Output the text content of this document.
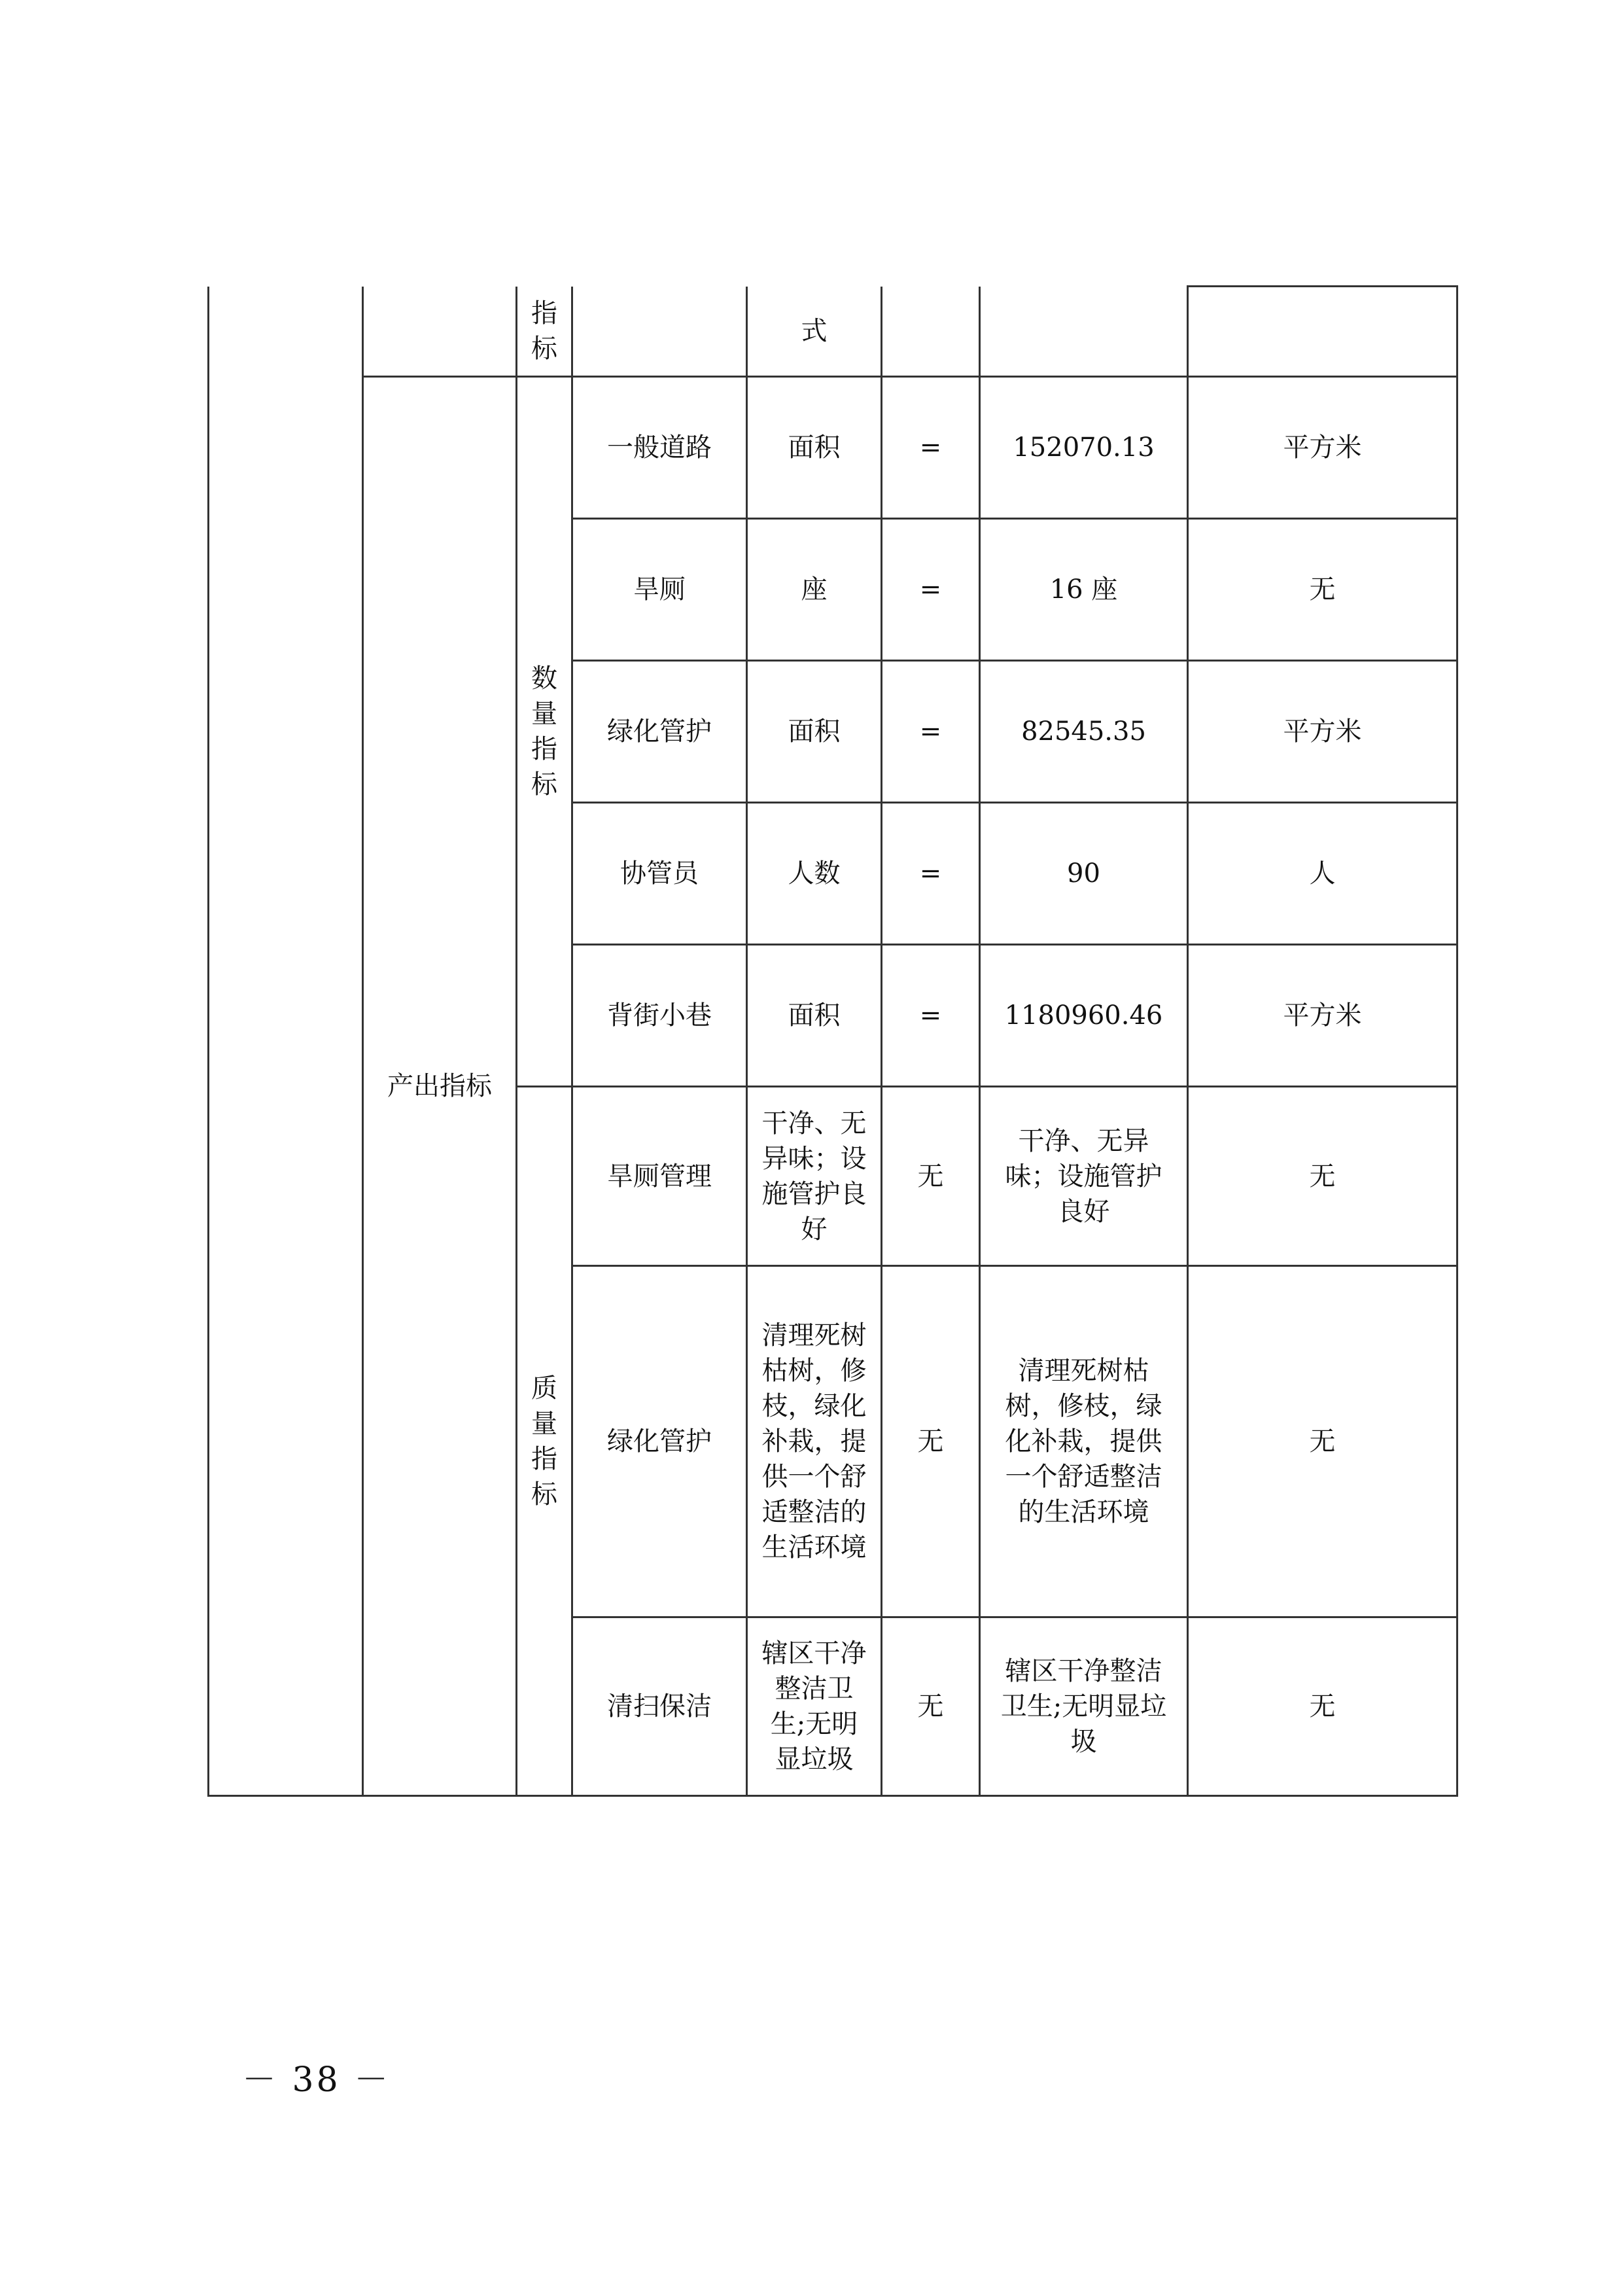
		指标		式			
	产出指标	数量指标	一般道路	面积	=	152070.13	平方米
			旱厕	座	=	16 座	无
			绿化管护	面积	=	82545.35	平方米
			协管员	人数	=	90	人
			背街小巷	面积	=	1180960.46	平方米

		质量指标	旱厕管理	干净、无异味；设施管护良好	无	干净、无异味；设施管护良好	无
			绿化管护	清理死树枯树，修枝，绿化补栽，提供一个舒适整洁的生活环境	无	清理死树枯树，修枝，绿化补栽，提供一个舒适整洁的生活环境	无
			清扫保洁	辖区干净整洁卫生;无明显垃圾	无	辖区干净整洁卫生;无明显垃圾	无
－ 38 －
